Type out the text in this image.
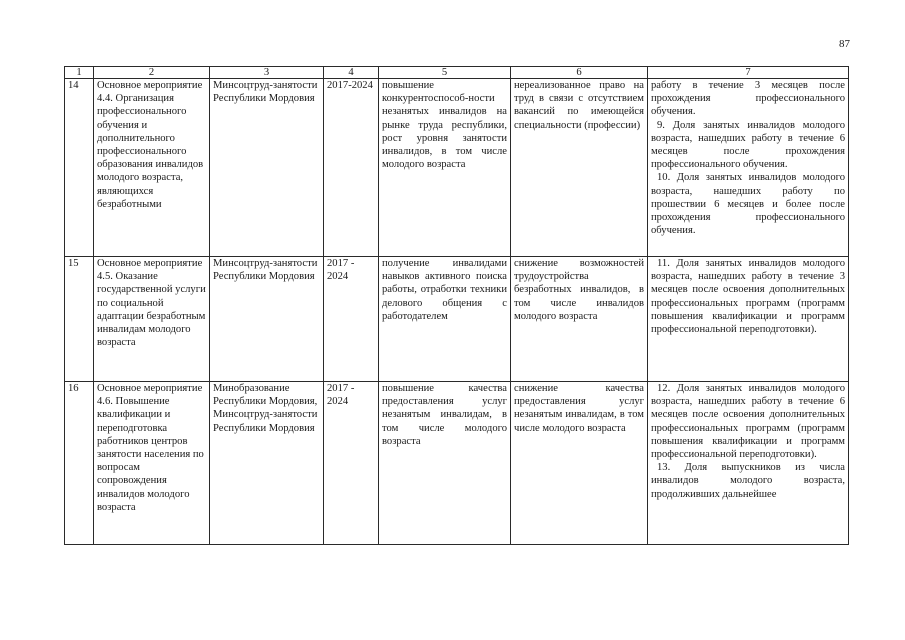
87
1	2	3	4	5	6	7
14	Основное мероприятие 4.4. Организация профессионального обучения и дополнительного профессионального образования инвалидов молодого возраста, являющихся безработными	Минсоцтруд-занятости Республики Мордовия	2017-2024	повышение конкурентоспособ-ности незанятых инвалидов на рынке труда республики, рост уровня занятости инвалидов, в том числе молодого возраста	нереализованное право на труд в связи с отсутствием вакансий по имеющейся специальности (профессии)	работу в течение 3 месяцев после прохождения профессионального обучения.

9. Доля занятых инвалидов молодого возраста, нашедших работу в течение 6 месяцев после прохождения профессионального обучения.

10. Доля занятых инвалидов молодого возраста, нашедших работу по прошествии 6 месяцев и более после прохождения профессионального обучения.

15	Основное мероприятие 4.5. Оказание государственной услуги по социальной адаптации безработным инвалидам молодого возраста	Минсоцтруд-занятости Республики Мордовия	2017 - 2024	получение инвалидами навыков активного поиска работы, отработки техники делового общения с работодателем	снижение возможностей трудоустройства безработных инвалидов, в том числе инвалидов молодого возраста	11. Доля занятых инвалидов молодого возраста, нашедших работу в течение 3 месяцев после освоения дополнительных профессиональных программ (программ повышения квалификации и программ профессиональной переподготовки).

16	Основное мероприятие 4.6. Повышение квалификации и переподготовка работников центров занятости населения по вопросам сопровождения инвалидов молодого возраста	Минобразование Республики Мордовия, Минсоцтруд-занятости Республики Мордовия	2017 - 2024	повышение качества предоставления услуг незанятым инвалидам, в том числе молодого возраста	снижение качества предоставления услуг незанятым инвалидам, в том числе молодого возраста	12. Доля занятых инвалидов молодого возраста, нашедших работу в течение 6 месяцев после освоения дополнительных профессиональных программ (программ повышения квалификации и программ профессиональной переподготовки).

13. Доля выпускников из числа инвалидов молодого возраста, продолживших дальнейшее
